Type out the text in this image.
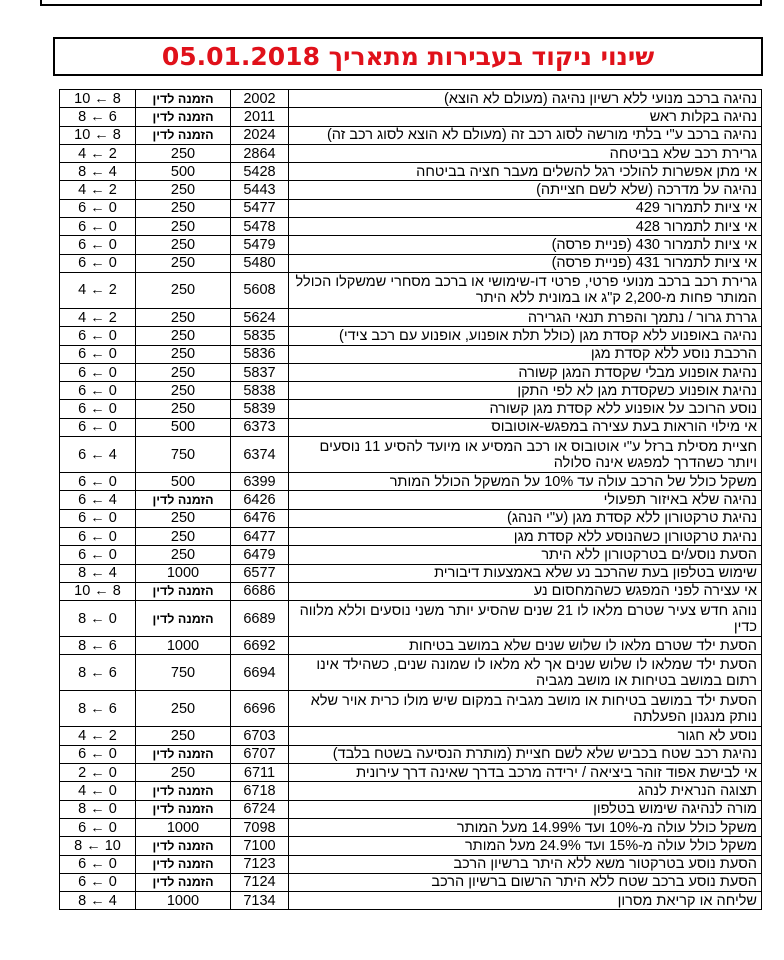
שינוי ניקוד בעבירות מתאריך 05.01.2018
10 ← 8	הזמנה לדין	2002	נהיגה ברכב מנועי ללא רשיון נהיגה (מעולם לא הוצא)
8 ← 6	הזמנה לדין	2011	נהיגה בקלות ראש
10 ← 8	הזמנה לדין	2024	נהיגה ברכב ע"י בלתי מורשה לסוג רכב זה (מעולם לא הוצא לסוג רכב זה)
4 ← 2	250	2864	גרירת רכב שלא בביטחה
8 ← 4	500	5428	אי מתן אפשרות להולכי רגל להשלים מעבר חציה בביטחה
4 ← 2	250	5443	נהיגה על מדרכה (שלא לשם חצייתה)
6 ← 0	250	5477	אי ציות לתמרור 429
6 ← 0	250	5478	אי ציות לתמרור 428
6 ← 0	250	5479	אי ציות לתמרור 430 (פניית פרסה)
6 ← 0	250	5480	אי ציות לתמרור 431 (פניית פרסה)
4 ← 2	250	5608	גרירת רכב ברכב מנועי פרטי, פרטי דו-שימושי או ברכב מסחרי שמשקלו הכולל המותר פחות מ-2,200 ק"ג או במונית ללא היתר
4 ← 2	250	5624	גררת גרור / נתמך והפרת תנאי הגרירה
6 ← 0	250	5835	נהיגה באופנוע ללא קסדת מגן (כולל תלת אופנוע, אופנוע עם רכב צידי)
6 ← 0	250	5836	הרכבת נוסע ללא קסדת מגן
6 ← 0	250	5837	נהיגת אופנוע מבלי שקסדת המגן קשורה
6 ← 0	250	5838	נהיגת אופנוע כשקסדת מגן לא לפי התקן
6 ← 0	250	5839	נוסע הרוכב על אופנוע ללא קסדת מגן קשורה
6 ← 0	500	6373	אי מילוי הוראות בעת עצירה במפגש-אוטובוס
6 ← 4	750	6374	חציית מסילת ברזל ע"י אוטובוס או רכב המסיע או מיועד להסיע 11 נוסעים ויותר כשהדרך למפגש אינה סלולה
6 ← 0	500	6399	משקל כולל של הרכב עולה עד 10% על המשקל הכולל המותר
6 ← 4	הזמנה לדין	6426	נהיגה שלא באיזור תפעולי
6 ← 0	250	6476	נהיגת טרקטורון ללא קסדת מגן (ע"י הנהג)
6 ← 0	250	6477	נהיגת טרקטורון כשהנוסע ללא קסדת מגן
6 ← 0	250	6479	הסעת נוסע/ים בטרקטורון ללא היתר
8 ← 4	1000	6577	שימוש בטלפון בעת שהרכב נע שלא באמצעות דיבורית
10 ← 8	הזמנה לדין	6686	אי עצירה לפני המפגש כשהמחסום נע
8 ← 0	הזמנה לדין	6689	נוהג חדש צעיר שטרם מלאו לו 21 שנים שהסיע יותר משני נוסעים וללא מלווה כדין
8 ← 6	1000	6692	הסעת ילד שטרם מלאו לו שלוש שנים שלא במושב בטיחות
8 ← 6	750	6694	הסעת ילד שמלאו לו שלוש שנים אך לא מלאו לו שמונה שנים, כשהילד אינו רתום במושב בטיחות או מושב מגביה
8 ← 6	250	6696	הסעת ילד במושב בטיחות או מושב מגביה במקום שיש מולו כרית אויר שלא נותק מנגנון הפעלתה
4 ← 2	250	6703	נוסע לא חגור
6 ← 0	הזמנה לדין	6707	נהיגת רכב שטח בכביש שלא לשם חציית (מותרת הנסיעה בשטח בלבד)
2 ← 0	250	6711	אי לבישת אפוד זוהר ביציאה / ירידה מרכב בדרך שאינה דרך עירונית
4 ← 0	הזמנה לדין	6718	תצוגה הנראית לנהג
8 ← 0	הזמנה לדין	6724	מורה לנהיגה שימוש בטלפון
6 ← 0	1000	7098	משקל כולל עולה מ-10% ועד 14.99% מעל המותר
8 ← 10	הזמנה לדין	7100	משקל כולל עולה מ-15% ועד 24.9% מעל המותר
6 ← 0	הזמנה לדין	7123	הסעת נוסע בטרקטור משא ללא היתר ברשיון הרכב
6 ← 0	הזמנה לדין	7124	הסעת נוסע ברכב שטח ללא היתר הרשום ברשיון הרכב
8 ← 4	1000	7134	שליחה או קריאת מסרון
